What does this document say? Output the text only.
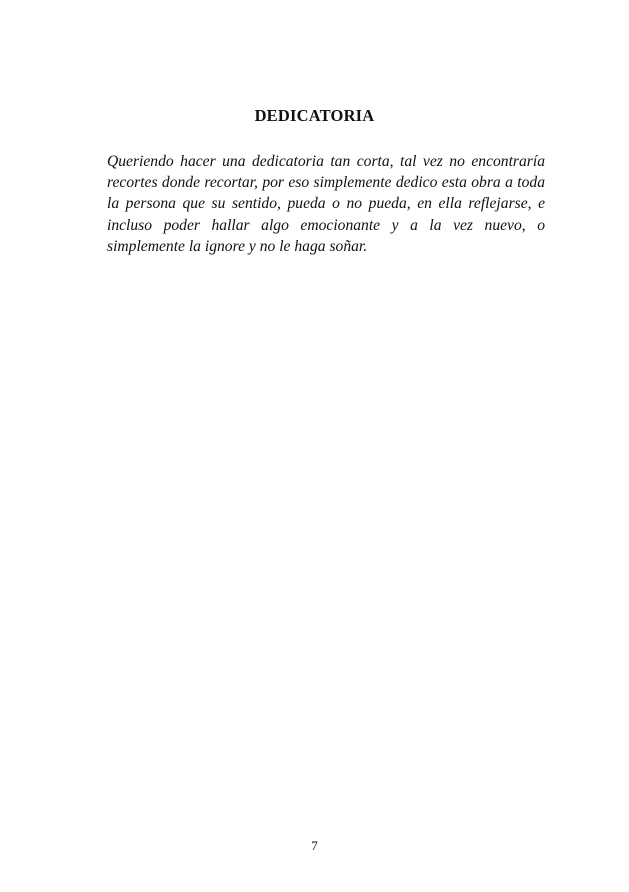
DEDICATORIA

Queriendo hacer una dedicatoria tan corta, tal vez no encontraría recortes donde recortar, por eso simplemente dedico esta obra a toda la persona que su sentido, pueda o no pueda, en ella reflejarse, e incluso poder hallar algo emocionante y a la vez nuevo, o simplemente la ignore y no le haga soñar.

7
